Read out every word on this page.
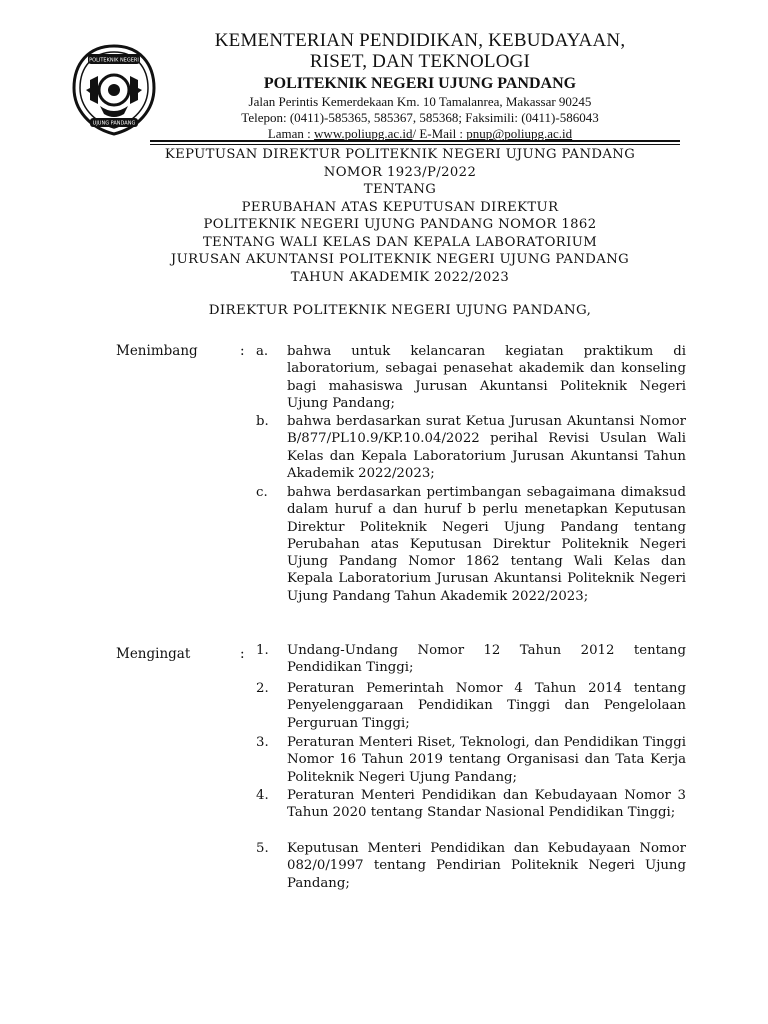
POLITEKNIK NEGERI
UJUNG PANDANG
KEMENTERIAN PENDIDIKAN, KEBUDAYAAN,
RISET, DAN TEKNOLOGI
POLITEKNIK NEGERI UJUNG PANDANG
Jalan Perintis Kemerdekaan Km. 10 Tamalanrea, Makassar 90245
Telepon: (0411)-585365, 585367, 585368; Faksimili: (0411)-586043
Laman : www.poliupg.ac.id/ E-Mail : pnup@poliupg.ac.id
KEPUTUSAN DIREKTUR POLITEKNIK NEGERI UJUNG PANDANG
NOMOR 1923/P/2022
TENTANG
PERUBAHAN ATAS KEPUTUSAN DIREKTUR
POLITEKNIK NEGERI UJUNG PANDANG NOMOR 1862
TENTANG WALI KELAS DAN KEPALA LABORATORIUM
JURUSAN AKUNTANSI POLITEKNIK NEGERI UJUNG PANDANG
TAHUN AKADEMIK 2022/2023
DIREKTUR POLITEKNIK NEGERI UJUNG PANDANG,
Menimbang	: a.	bahwa untuk kelancaran kegiatan praktikum di laboratorium, sebagai penasehat akademik dan konseling bagi mahasiswa Jurusan Akuntansi Politeknik Negeri Ujung Pandang;
b.	bahwa berdasarkan surat Ketua Jurusan Akuntansi Nomor B/877/PL10.9/KP.10.04/2022 perihal Revisi Usulan Wali Kelas dan Kepala Laboratorium Jurusan Akuntansi Tahun Akademik 2022/2023;
c.	bahwa berdasarkan pertimbangan sebagaimana dimaksud dalam huruf a dan huruf b perlu menetapkan Keputusan Direktur Politeknik Negeri Ujung Pandang tentang Perubahan atas Keputusan Direktur Politeknik Negeri Ujung Pandang Nomor 1862 tentang Wali Kelas dan Kepala Laboratorium Jurusan Akuntansi Politeknik Negeri Ujung Pandang Tahun Akademik 2022/2023;
Mengingat	: 1.	Undang-Undang Nomor 12 Tahun 2012 tentang Pendidikan Tinggi;
2.	Peraturan Pemerintah Nomor 4 Tahun 2014 tentang Penyelenggaraan Pendidikan Tinggi dan Pengelolaan Perguruan Tinggi;
3.	Peraturan Menteri Riset, Teknologi, dan Pendidikan Tinggi Nomor 16 Tahun 2019 tentang Organisasi dan Tata Kerja Politeknik Negeri Ujung Pandang;
4.	Peraturan Menteri Pendidikan dan Kebudayaan Nomor 3 Tahun 2020 tentang Standar Nasional Pendidikan Tinggi;
5.	Keputusan Menteri Pendidikan dan Kebudayaan Nomor 082/0/1997 tentang Pendirian Politeknik Negeri Ujung Pandang;
